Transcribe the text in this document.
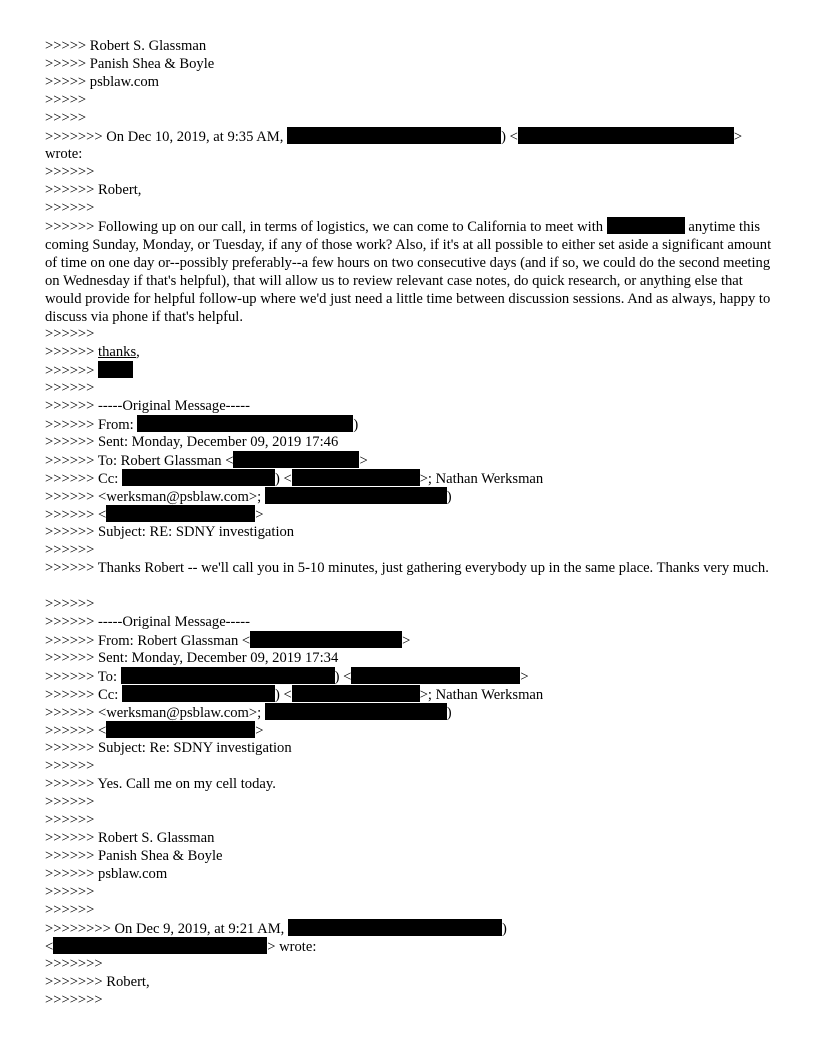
>>>>> Robert S. Glassman
>>>>> Panish Shea & Boyle
>>>>> psblaw.com
>>>>>
>>>>>
>>>>>>> On Dec 10, 2019, at 9:35 AM,	) <	>
wrote:
>>>>>>
>>>>>> Robert,
>>>>>>
>>>>>> Following up on our call, in terms of logistics, we can come to California to meet with	anytime this coming Sunday, Monday, or Tuesday, if any of those work? Also, if it's at all possible to either set aside a significant amount of time on one day or--possibly preferably--a few hours on two consecutive days (and if so, we could do the second meeting on Wednesday if that's helpful), that will allow us to review relevant case notes, do quick research, or anything else that would provide for helpful follow-up where we'd just need a little time between discussion sessions. And as always, happy to discuss via phone if that's helpful.
>>>>>>
>>>>>> thanks,
>>>>>>
>>>>>>
>>>>>> -----Original Message-----
>>>>>> From:	)
>>>>>> Sent: Monday, December 09, 2019 17:46
>>>>>> To: Robert Glassman <	>
>>>>>> Cc:	) <	>; Nathan Werksman
>>>>>> <werksman@psblaw.com>;	)
>>>>>> <	>
>>>>>> Subject: RE: SDNY investigation
>>>>>>
>>>>>> Thanks Robert -- we'll call you in 5-10 minutes, just gathering everybody up in the same place. Thanks very much.
>>>>>>
>>>>>> -----Original Message-----
>>>>>> From: Robert Glassman <	>
>>>>>> Sent: Monday, December 09, 2019 17:34
>>>>>> To:	) <	>
>>>>>> Cc:	) <	>; Nathan Werksman
>>>>>> <werksman@psblaw.com>;	)
>>>>>> <	>
>>>>>> Subject: Re: SDNY investigation
>>>>>>
>>>>>> Yes. Call me on my cell today.
>>>>>>
>>>>>>
>>>>>> Robert S. Glassman
>>>>>> Panish Shea & Boyle
>>>>>> psblaw.com
>>>>>>
>>>>>>
>>>>>>>> On Dec 9, 2019, at 9:21 AM,	)
<	> wrote:
>>>>>>>
>>>>>>> Robert,
>>>>>>>
